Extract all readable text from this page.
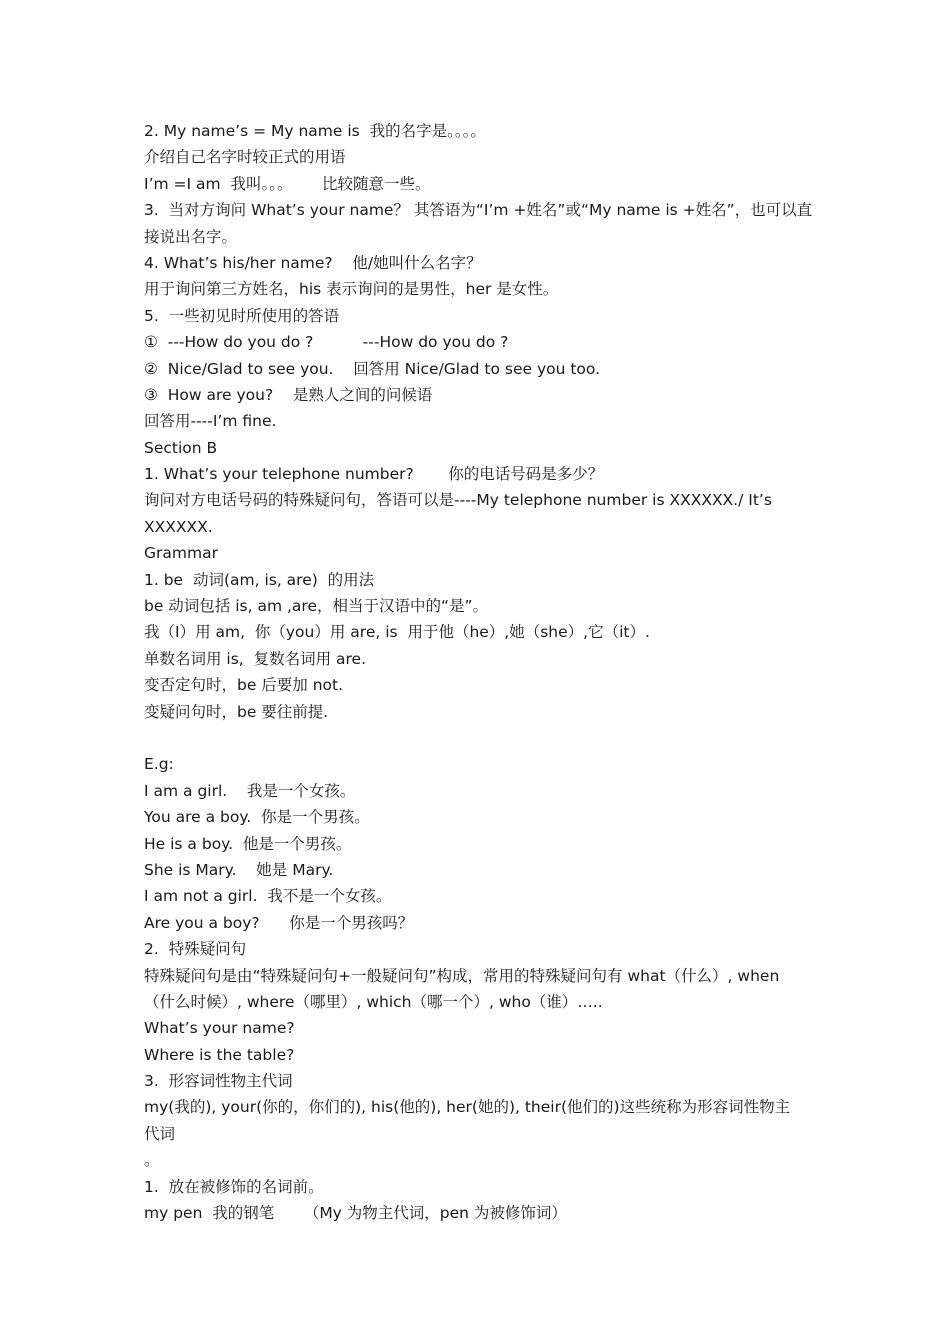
2. My name’s = My name is  我的名字是。。。。
介绍自己名字时较正式的用语
I’m =I am  我叫。。。      比较随意一些。
3.  当对方询问 What’s your name？ 其答语为“I’m +姓名”或“My name is +姓名”，也可以直
接说出名字。
4. What’s his/her name?    他/她叫什么名字？
用于询问第三方姓名，his 表示询问的是男性，her 是女性。
5.  一些初见时所使用的答语
①  ---How do you do ?          ---How do you do ?
②  Nice/Glad to see you.    回答用 Nice/Glad to see you too.
③  How are you?    是熟人之间的问候语
回答用----I’m fine.
Section B
1. What’s your telephone number?       你的电话号码是多少？
询问对方电话号码的特殊疑问句，答语可以是----My telephone number is XXXXXX./ It’s
XXXXXX.
Grammar
1. be  动词(am, is, are)  的用法
be 动词包括 is, am ,are，相当于汉语中的“是”。
我（I）用 am,  你（you）用 are, is  用于他（he）,她（she）,它（it）.
单数名词用 is,  复数名词用 are.
变否定句时，be 后要加 not.
变疑问句时，be 要往前提.
E.g:
I am a girl.    我是一个女孩。
You are a boy.  你是一个男孩。
He is a boy.  他是一个男孩。
She is Mary.    她是 Mary.
I am not a girl.  我不是一个女孩。
Are you a boy?      你是一个男孩吗？
2.  特殊疑问句
特殊疑问句是由“特殊疑问句+一般疑问句”构成，常用的特殊疑问句有 what（什么）, when
（什么时候）, where（哪里）, which（哪一个）, who（谁）…..
What’s your name?
Where is the table?
3.  形容词性物主代词
my(我的), your(你的，你们的), his(他的), her(她的), their(他们的)这些统称为形容词性物主
代词
。
1.  放在被修饰的名词前。
my pen  我的钢笔      （My 为物主代词，pen 为被修饰词）
